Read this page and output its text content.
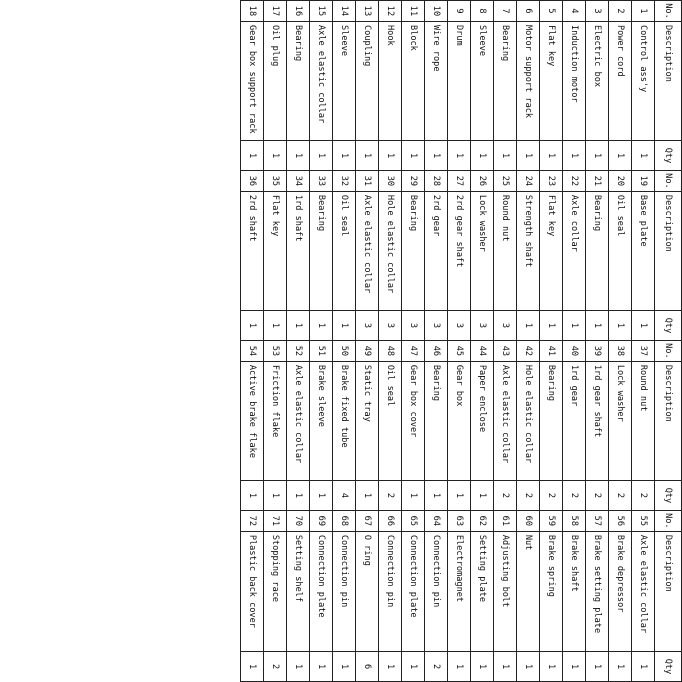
No.	Description	Qty	No.	Description	Qty	No.	Description	Qty	No.	Description	Qty
1	Control ass'y	1	19	Base plate	1	37	Round nut	2	55	Axle elastic collar	1
2	Power cord	1	20	Oil seal	1	38	Lock washer	2	56	Brake depressor	1
3	Electric box	1	21	Bearing	1	39	1rd gear shaft	2	57	Brake setting plate	1
4	Induction motor	1	22	Axle collar	1	40	1rd gear	2	58	Brake shaft	1
5	Flat key	1	23	Flat key	1	41	Bearing	2	59	Brake spring	1
6	Motor support rack	1	24	Strength shaft	1	42	Hole elastic collar	2	60	Nut	1
7	Bearing	1	25	Round nut	3	43	Axle elastic collar	2	61	Adjusting bolt	1
8	Sleeve	1	26	Lock washer	3	44	Paper enclose	1	62	Setting plate	1
9	Drum	1	27	2rd gear shaft	3	45	Gear box	1	63	Electromagnet	1
10	Wire rope	1	28	2rd gear	3	46	Bearing	1	64	Connection pin	2
11	Block	1	29	Bearing	3	47	Gear box cover	1	65	Connection plate	1
12	Hook	1	30	Hole elastic collar	3	48	Oil seal	2	66	Connection pin	1
13	Coupling	1	31	Axle elastic collar	3	49	Static tray	1	67	O ring	6
14	Sleeve	1	32	Oil seal	1	50	Brake fixed tube	4	68	Connection pin	1
15	Axle elastic collar	1	33	Bearing	1	51	Brake sleeve	1	69	Connection plate	1
16	Bearing	1	34	1rd shaft	1	52	Axle elastic collar	1	70	Setting shelf	1
17	Oil plug	1	35	Flat key	1	53	Friction flake	1	71	Stopping race	2
18	Gear box support rack	1	36	2rd shaft	1	54	Active brake flake	1	72	Plastic back cover	1
